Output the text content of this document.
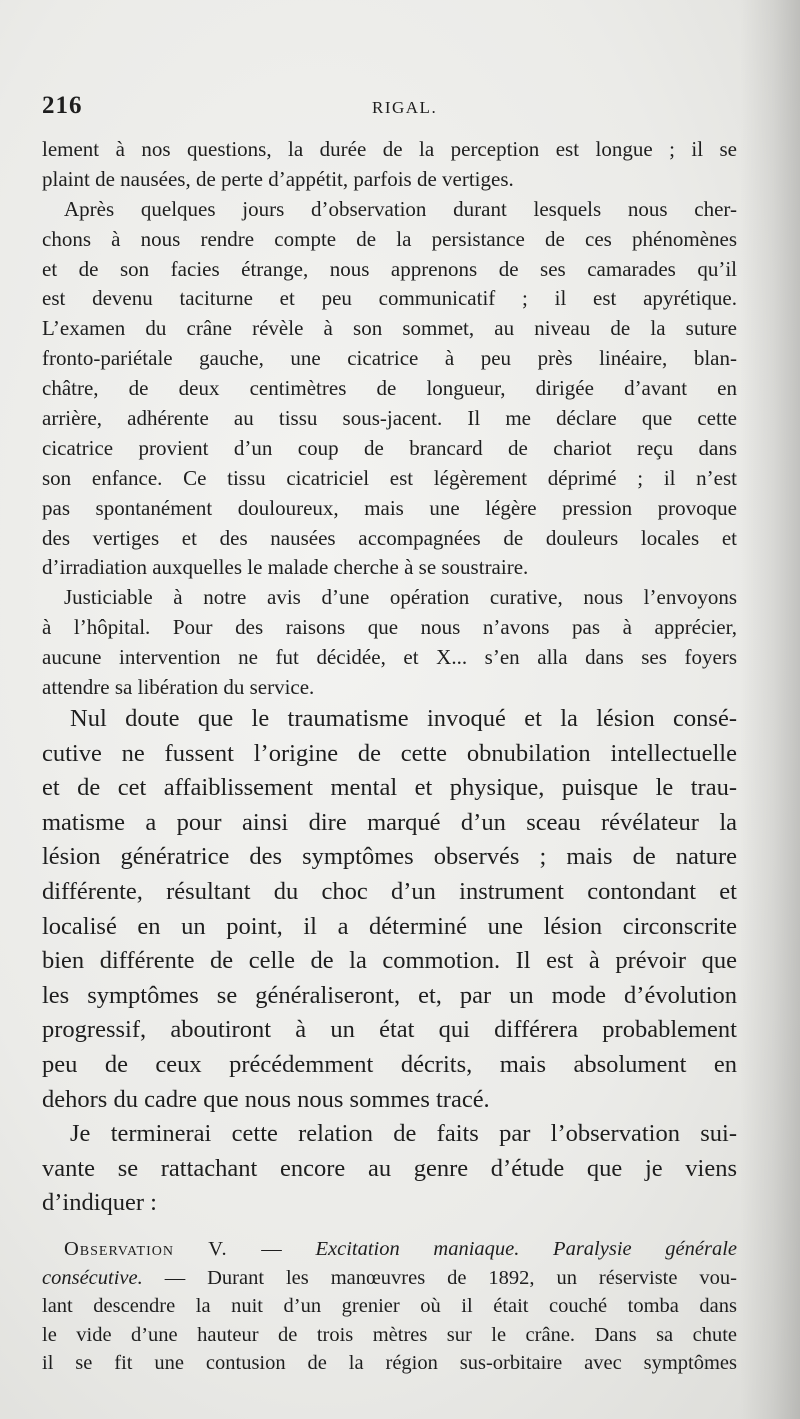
216	RIGAL.
lement à nos questions, la durée de la perception est longue ; il se
plaint de nausées, de perte d’appétit, parfois de vertiges.
Après quelques jours d’observation durant lesquels nous cher-
chons à nous rendre compte de la persistance de ces phénomènes
et de son facies étrange, nous apprenons de ses camarades qu’il
est devenu taciturne et peu communicatif ; il est apyrétique.
L’examen du crâne révèle à son sommet, au niveau de la suture
fronto-pariétale gauche, une cicatrice à peu près linéaire, blan-
châtre, de deux centimètres de longueur, dirigée d’avant en
arrière, adhérente au tissu sous-jacent. Il me déclare que cette
cicatrice provient d’un coup de brancard de chariot reçu dans
son enfance. Ce tissu cicatriciel est légèrement déprimé ; il n’est
pas spontanément douloureux, mais une légère pression provoque
des vertiges et des nausées accompagnées de douleurs locales et
d’irradiation auxquelles le malade cherche à se soustraire.
Justiciable à notre avis d’une opération curative, nous l’envoyons
à l’hôpital. Pour des raisons que nous n’avons pas à apprécier,
aucune intervention ne fut décidée, et X... s’en alla dans ses foyers
attendre sa libération du service.
Nul doute que le traumatisme invoqué et la lésion consé-
cutive ne fussent l’origine de cette obnubilation intellectuelle
et de cet affaiblissement mental et physique, puisque le trau-
matisme a pour ainsi dire marqué d’un sceau révélateur la
lésion génératrice des symptômes observés ; mais de nature
différente, résultant du choc d’un instrument contondant et
localisé en un point, il a déterminé une lésion circonscrite
bien différente de celle de la commotion. Il est à prévoir que
les symptômes se généraliseront, et, par un mode d’évolution
progressif, aboutiront à un état qui différera probablement
peu de ceux précédemment décrits, mais absolument en
dehors du cadre que nous nous sommes tracé.
Je terminerai cette relation de faits par l’observation sui-
vante se rattachant encore au genre d’étude que je viens
d’indiquer :
Observation V. — Excitation maniaque. Paralysie générale
consécutive. — Durant les manœuvres de 1892, un réserviste vou-
lant descendre la nuit d’un grenier où il était couché tomba dans
le vide d’une hauteur de trois mètres sur le crâne. Dans sa chute
il se fit une contusion de la région sus-orbitaire avec symptômes
